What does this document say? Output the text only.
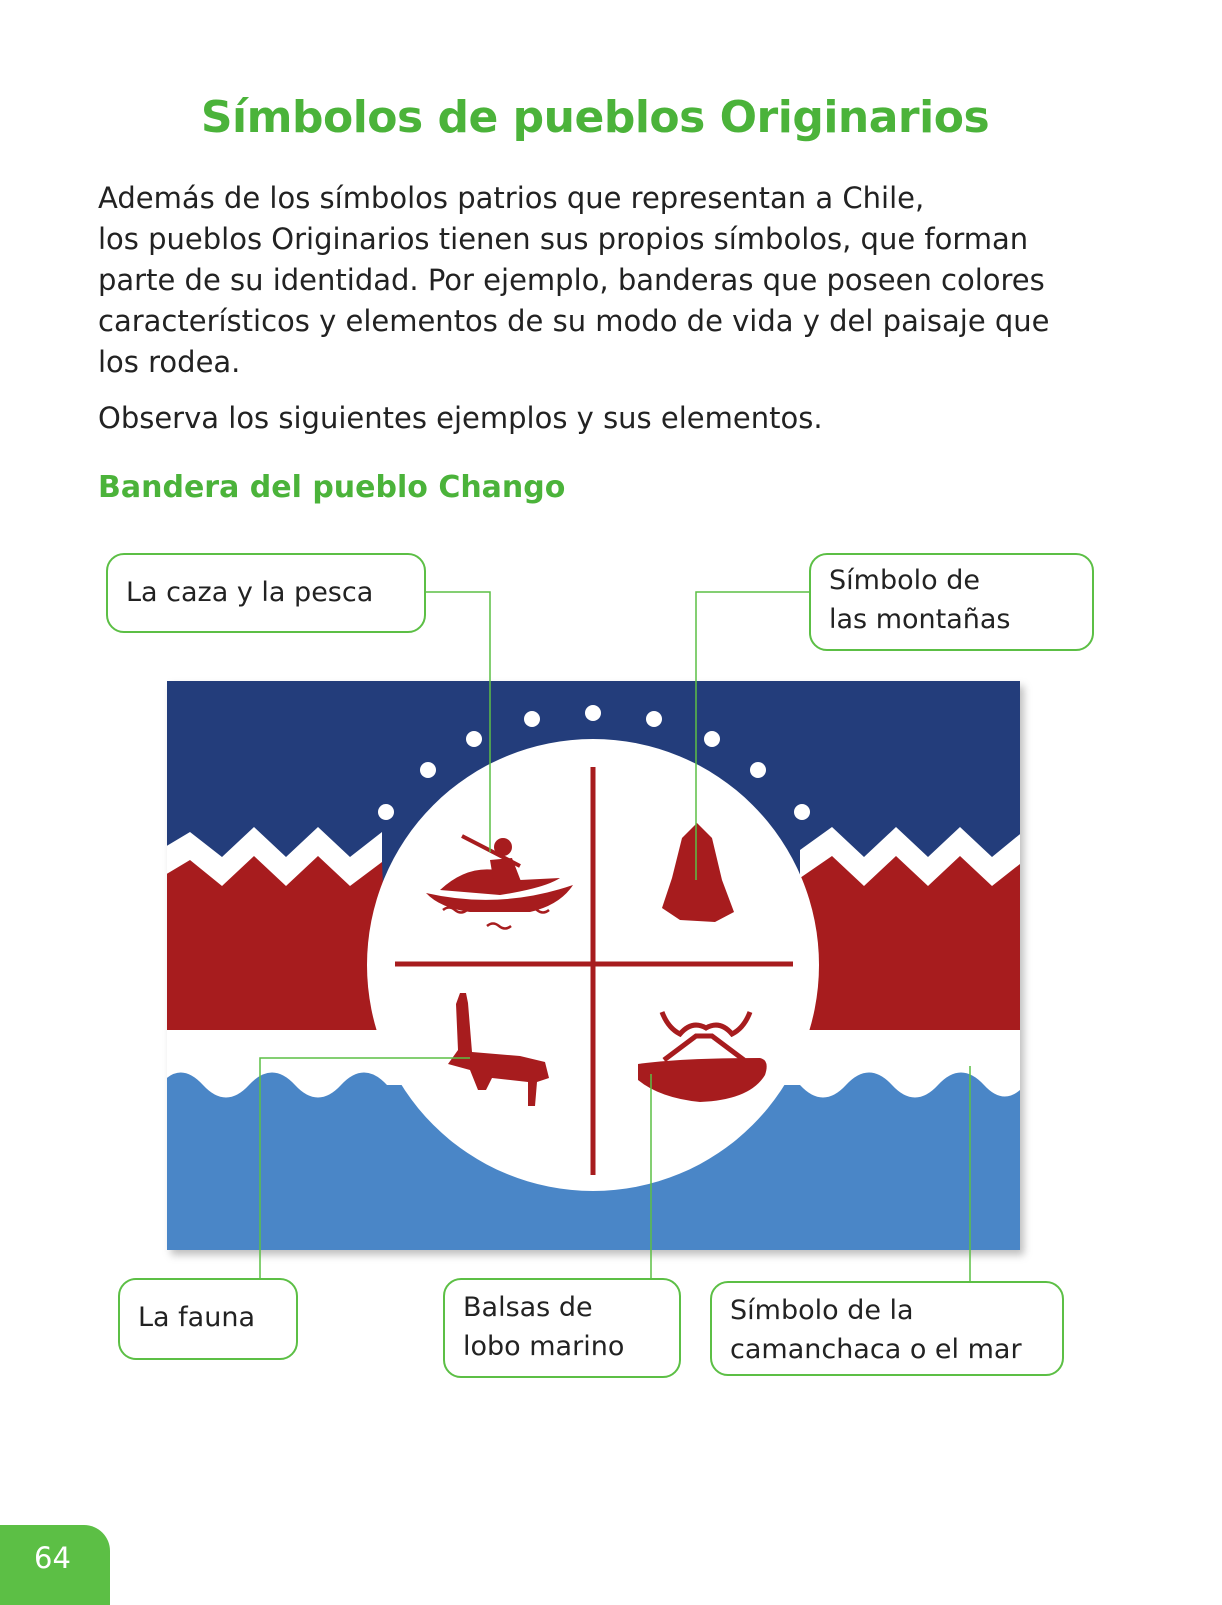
Símbolos de pueblos Originarios
Además de los símbolos patrios que representan a Chile,
los pueblos Originarios tienen sus propios símbolos, que forman
parte de su identidad. Por ejemplo, banderas que poseen colores
característicos y elementos de su modo de vida y del paisaje que
los rodea.
Observa los siguientes ejemplos y sus elementos.
Bandera del pueblo Chango
La caza y la pesca	Símbolo de
las montañas
La fauna	Balsas de
lobo marino
Símbolo de la
camanchaca o el mar
64
